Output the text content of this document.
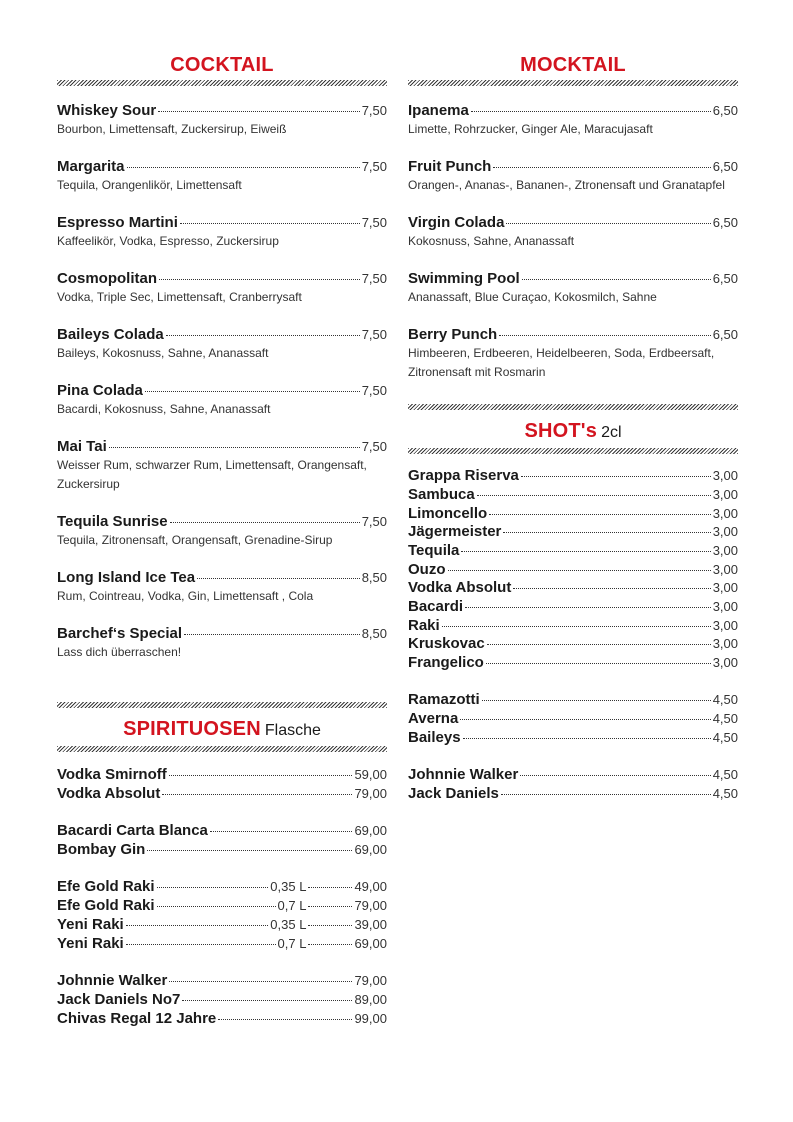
COCKTAIL
Whiskey Sour	7,50
Bourbon, Limettensaft, Zuckersirup, Eiweiß
Margarita	7,50
Tequila, Orangenlikör, Limettensaft
Espresso Martini	7,50
Kaffeelikör, Vodka, Espresso, Zuckersirup
Cosmopolitan	7,50
Vodka, Triple Sec, Limettensaft, Cranberrysaft
Baileys Colada	7,50
Baileys, Kokosnuss, Sahne, Ananassaft
Pina Colada	7,50
Bacardi, Kokosnuss, Sahne, Ananassaft
Mai Tai	7,50
Weisser Rum, schwarzer Rum, Limettensaft, Orangensaft,
Zuckersirup
Tequila Sunrise	7,50
Tequila, Zitronensaft, Orangensaft, Grenadine-Sirup
Long Island Ice Tea	8,50
Rum, Cointreau, Vodka, Gin, Limettensaft , Cola
Barchef‘s Special	8,50
Lass dich überraschen!
SPIRITUOSEN Flasche
Vodka Smirnoff	59,00
Vodka Absolut	79,00
Bacardi Carta Blanca	69,00
Bombay Gin	69,00
Efe Gold Raki	0,35 L	49,00
Efe Gold Raki	0,7 L	79,00
Yeni Raki	0,35 L	39,00
Yeni Raki	0,7 L	69,00
Johnnie Walker	79,00
Jack Daniels No7	89,00
Chivas Regal 12 Jahre	99,00
MOCKTAIL
Ipanema	6,50
Limette, Rohrzucker, Ginger Ale, Maracujasaft
Fruit Punch	6,50
Orangen-, Ananas-, Bananen-, Ztronensaft und Granatapfel
Virgin Colada	6,50
Kokosnuss, Sahne, Ananassaft
Swimming Pool	6,50
Ananassaft, Blue Curaçao, Kokosmilch, Sahne
Berry Punch	6,50
Himbeeren, Erdbeeren, Heidelbeeren, Soda, Erdbeersaft,
Zitronensaft mit Rosmarin
SHOT's 2cl
Grappa Riserva	3,00
Sambuca	3,00
Limoncello	3,00
Jägermeister	3,00
Tequila	3,00
Ouzo	3,00
Vodka Absolut	3,00
Bacardi	3,00
Raki	3,00
Kruskovac	3,00
Frangelico	3,00
Ramazotti	4,50
Averna	4,50
Baileys	4,50
Johnnie Walker	4,50
Jack Daniels	4,50
